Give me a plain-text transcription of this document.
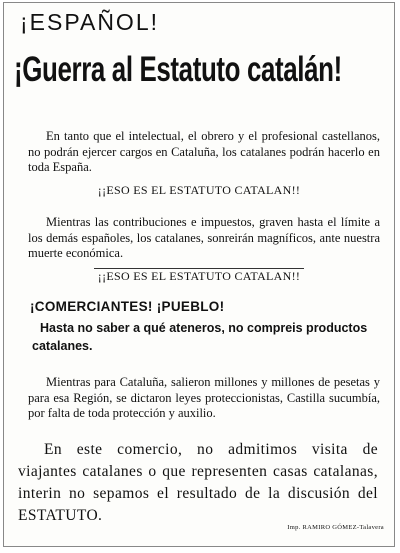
¡ESPAÑOL!
¡Guerra al Estatuto catalán!
En tanto que el intelectual, el obrero y el profesional castellanos, no podrán ejercer cargos en Cataluña, los catalanes podrán hacerlo en toda España.
¡¡ESO ES EL ESTATUTO CATALAN!!
Mientras las contribuciones e impuestos, graven hasta el límite a los demás españoles, los catalanes, sonreirán magníficos, ante nuestra muerte económica.
¡¡ESO ES EL ESTATUTO CATALAN!!
¡COMERCIANTES! ¡PUEBLO!
Hasta no saber a qué ateneros, no compreis productos catalanes.
Mientras para Cataluña, salieron millones y millones de pesetas y para esa Región, se dictaron leyes proteccionistas, Castilla sucumbía, por falta de toda protección y auxilio.
En este comercio, no admitimos visita de viajantes catalanes o que representen casas catalanas, interin no sepamos el resultado de la discusión del ESTATUTO.
Imp. RAMIRO GÓMEZ-Talavera
